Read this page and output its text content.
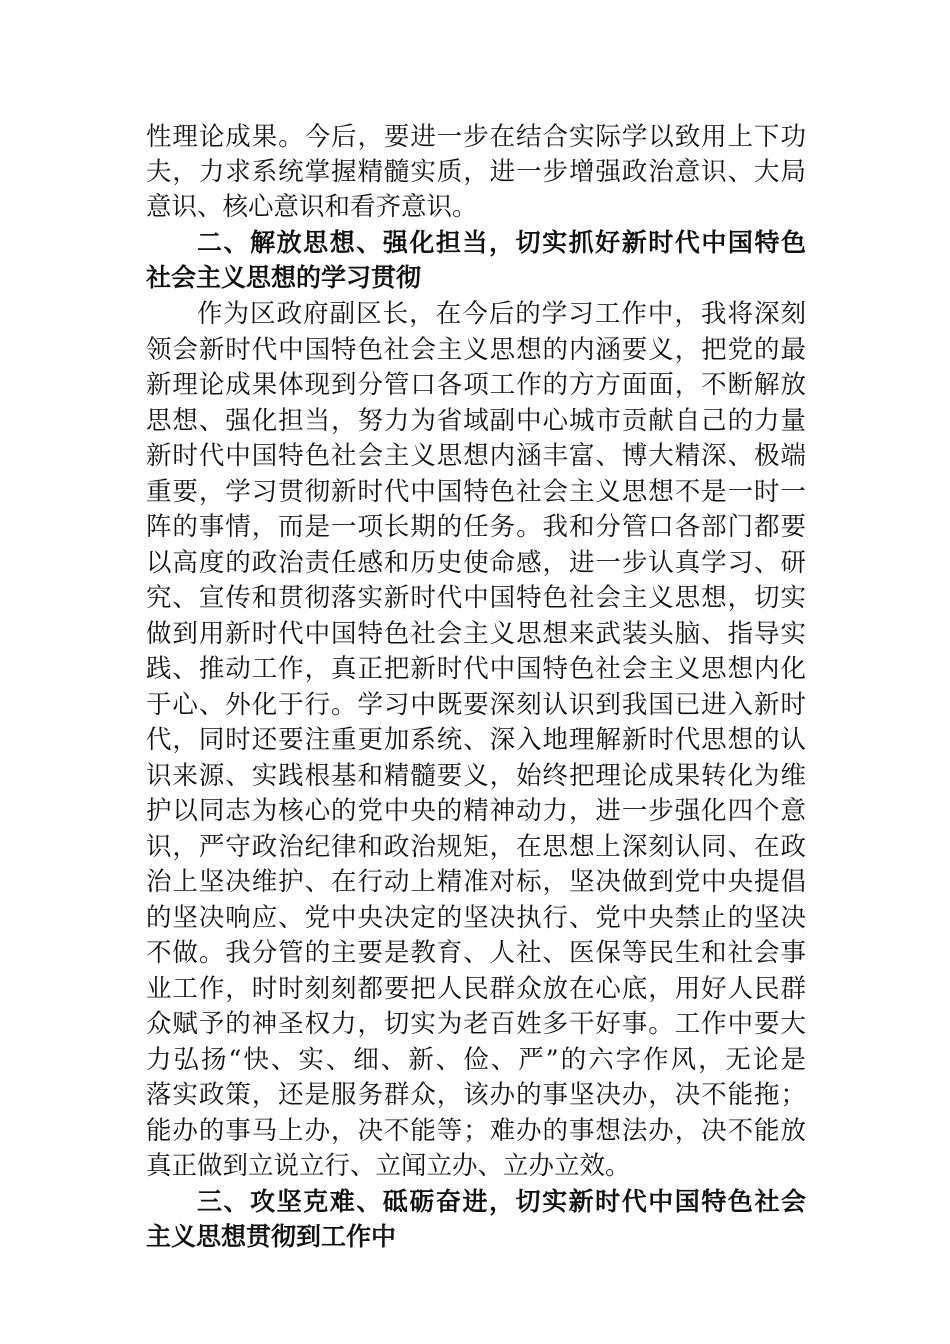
性理论成果。今后，要进一步在结合实际学以致用上下功
夫，力求系统掌握精髓实质，进一步增强政治意识、大局
意识、核心意识和看齐意识。
二、解放思想、强化担当，切实抓好新时代中国特色
社会主义思想的学习贯彻
作为区政府副区长，在今后的学习工作中，我将深刻
领会新时代中国特色社会主义思想的内涵要义，把党的最
新理论成果体现到分管口各项工作的方方面面，不断解放
思想、强化担当，努力为省域副中心城市贡献自己的力量
新时代中国特色社会主义思想内涵丰富、博大精深、极端
重要，学习贯彻新时代中国特色社会主义思想不是一时一
阵的事情，而是一项长期的任务。我和分管口各部门都要
以高度的政治责任感和历史使命感，进一步认真学习、研
究、宣传和贯彻落实新时代中国特色社会主义思想，切实
做到用新时代中国特色社会主义思想来武装头脑、指导实
践、推动工作，真正把新时代中国特色社会主义思想内化
于心、外化于行。学习中既要深刻认识到我国已进入新时
代，同时还要注重更加系统、深入地理解新时代思想的认
识来源、实践根基和精髓要义，始终把理论成果转化为维
护以同志为核心的党中央的精神动力，进一步强化四个意
识，严守政治纪律和政治规矩，在思想上深刻认同、在政
治上坚决维护、在行动上精准对标，坚决做到党中央提倡
的坚决响应、党中央决定的坚决执行、党中央禁止的坚决
不做。我分管的主要是教育、人社、医保等民生和社会事
业工作，时时刻刻都要把人民群众放在心底，用好人民群
众赋予的神圣权力，切实为老百姓多干好事。工作中要大
力弘扬“快、实、细、新、俭、严”的六字作风，无论是
落实政策，还是服务群众，该办的事坚决办，决不能拖；
能办的事马上办，决不能等；难办的事想法办，决不能放
真正做到立说立行、立闻立办、立办立效。
三、攻坚克难、砥砺奋进，切实新时代中国特色社会
主义思想贯彻到工作中
